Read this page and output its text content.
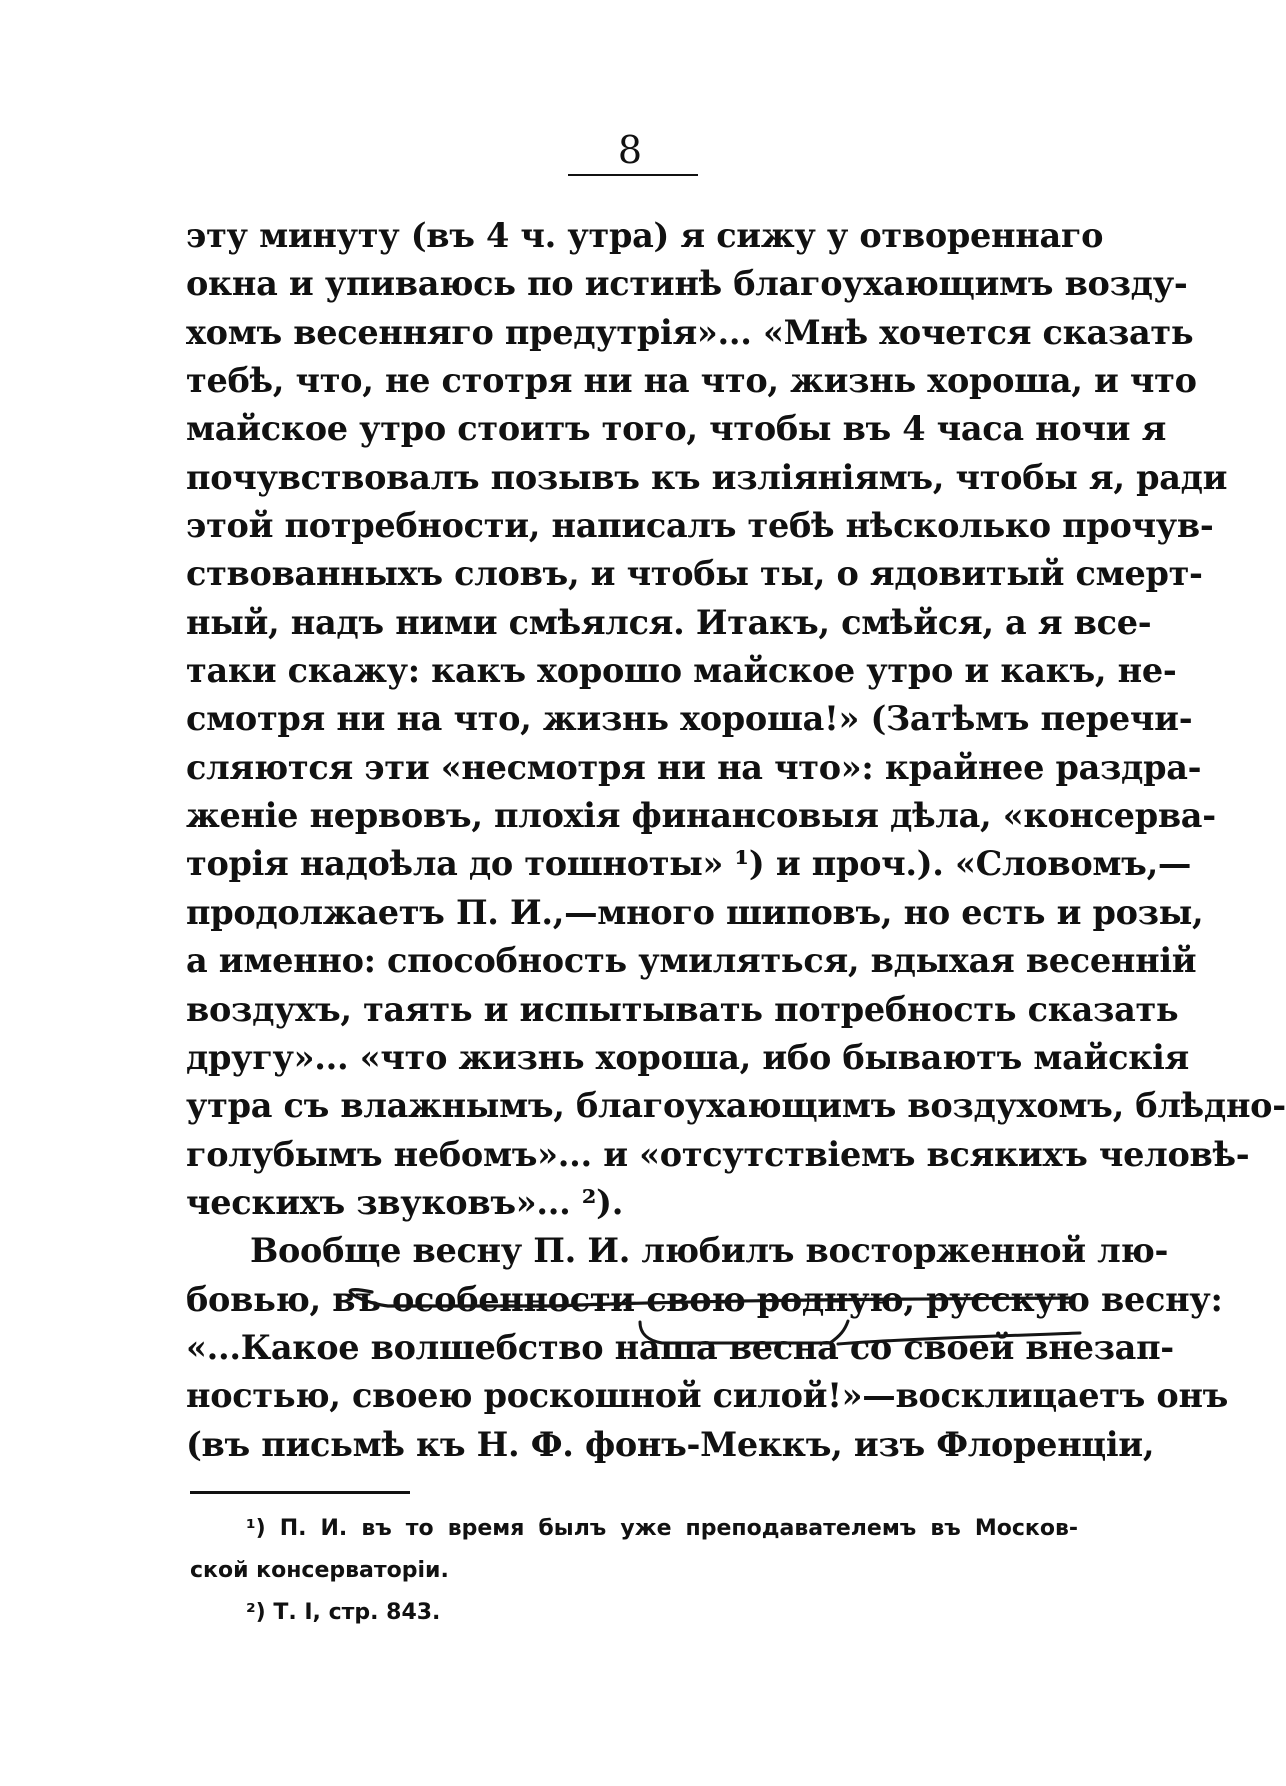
8
эту минуту (въ 4 ч. утра) я сижу у отвореннаго
окна и упиваюсь по истинѣ благоухающимъ возду-
хомъ весенняго предутрія»... «Мнѣ хочется сказать
тебѣ, что, не стотря ни на что, жизнь хороша, и что
майское утро стоитъ того, чтобы въ 4 часа ночи я
почувствовалъ позывъ къ изліяніямъ, чтобы я, ради
этой потребности, написалъ тебѣ нѣсколько прочув-
ствованныхъ словъ, и чтобы ты, о ядовитый смерт-
ный, надъ ними смѣялся. Итакъ, смѣйся, а я все-
таки скажу: какъ хорошо майское утро и какъ, не-
смотря ни на что, жизнь хороша!» (Затѣмъ перечи-
сляются эти «несмотря ни на что»: крайнее раздра-
женіе нервовъ, плохія финансовыя дѣла, «консерва-
торія надоѣла до тошноты» ¹) и проч.). «Словомъ,—
продолжаетъ П. И.,—много шиповъ, но есть и розы,
а именно: способность умиляться, вдыхая весенній
воздухъ, таять и испытывать потребность сказать
другу»... «что жизнь хороша, ибо бываютъ майскія
утра съ влажнымъ, благоухающимъ воздухомъ, блѣдно-
голубымъ небомъ»... и «отсутствіемъ всякихъ человѣ-
ческихъ звуковъ»... ²).
Вообще весну П. И. любилъ восторженной лю-
бовью, въ особенности свою родную, русскую весну:
«...Какое волшебство наша весна со своей внезап-
ностью, своею роскошной силой!»—восклицаетъ онъ
(въ письмѣ къ Н. Ф. фонъ-Меккъ, изъ Флоренціи,
¹) П. И. въ то время былъ уже преподавателемъ въ Москов-
ской консерваторіи.
²) Т. I, стр. 843.
